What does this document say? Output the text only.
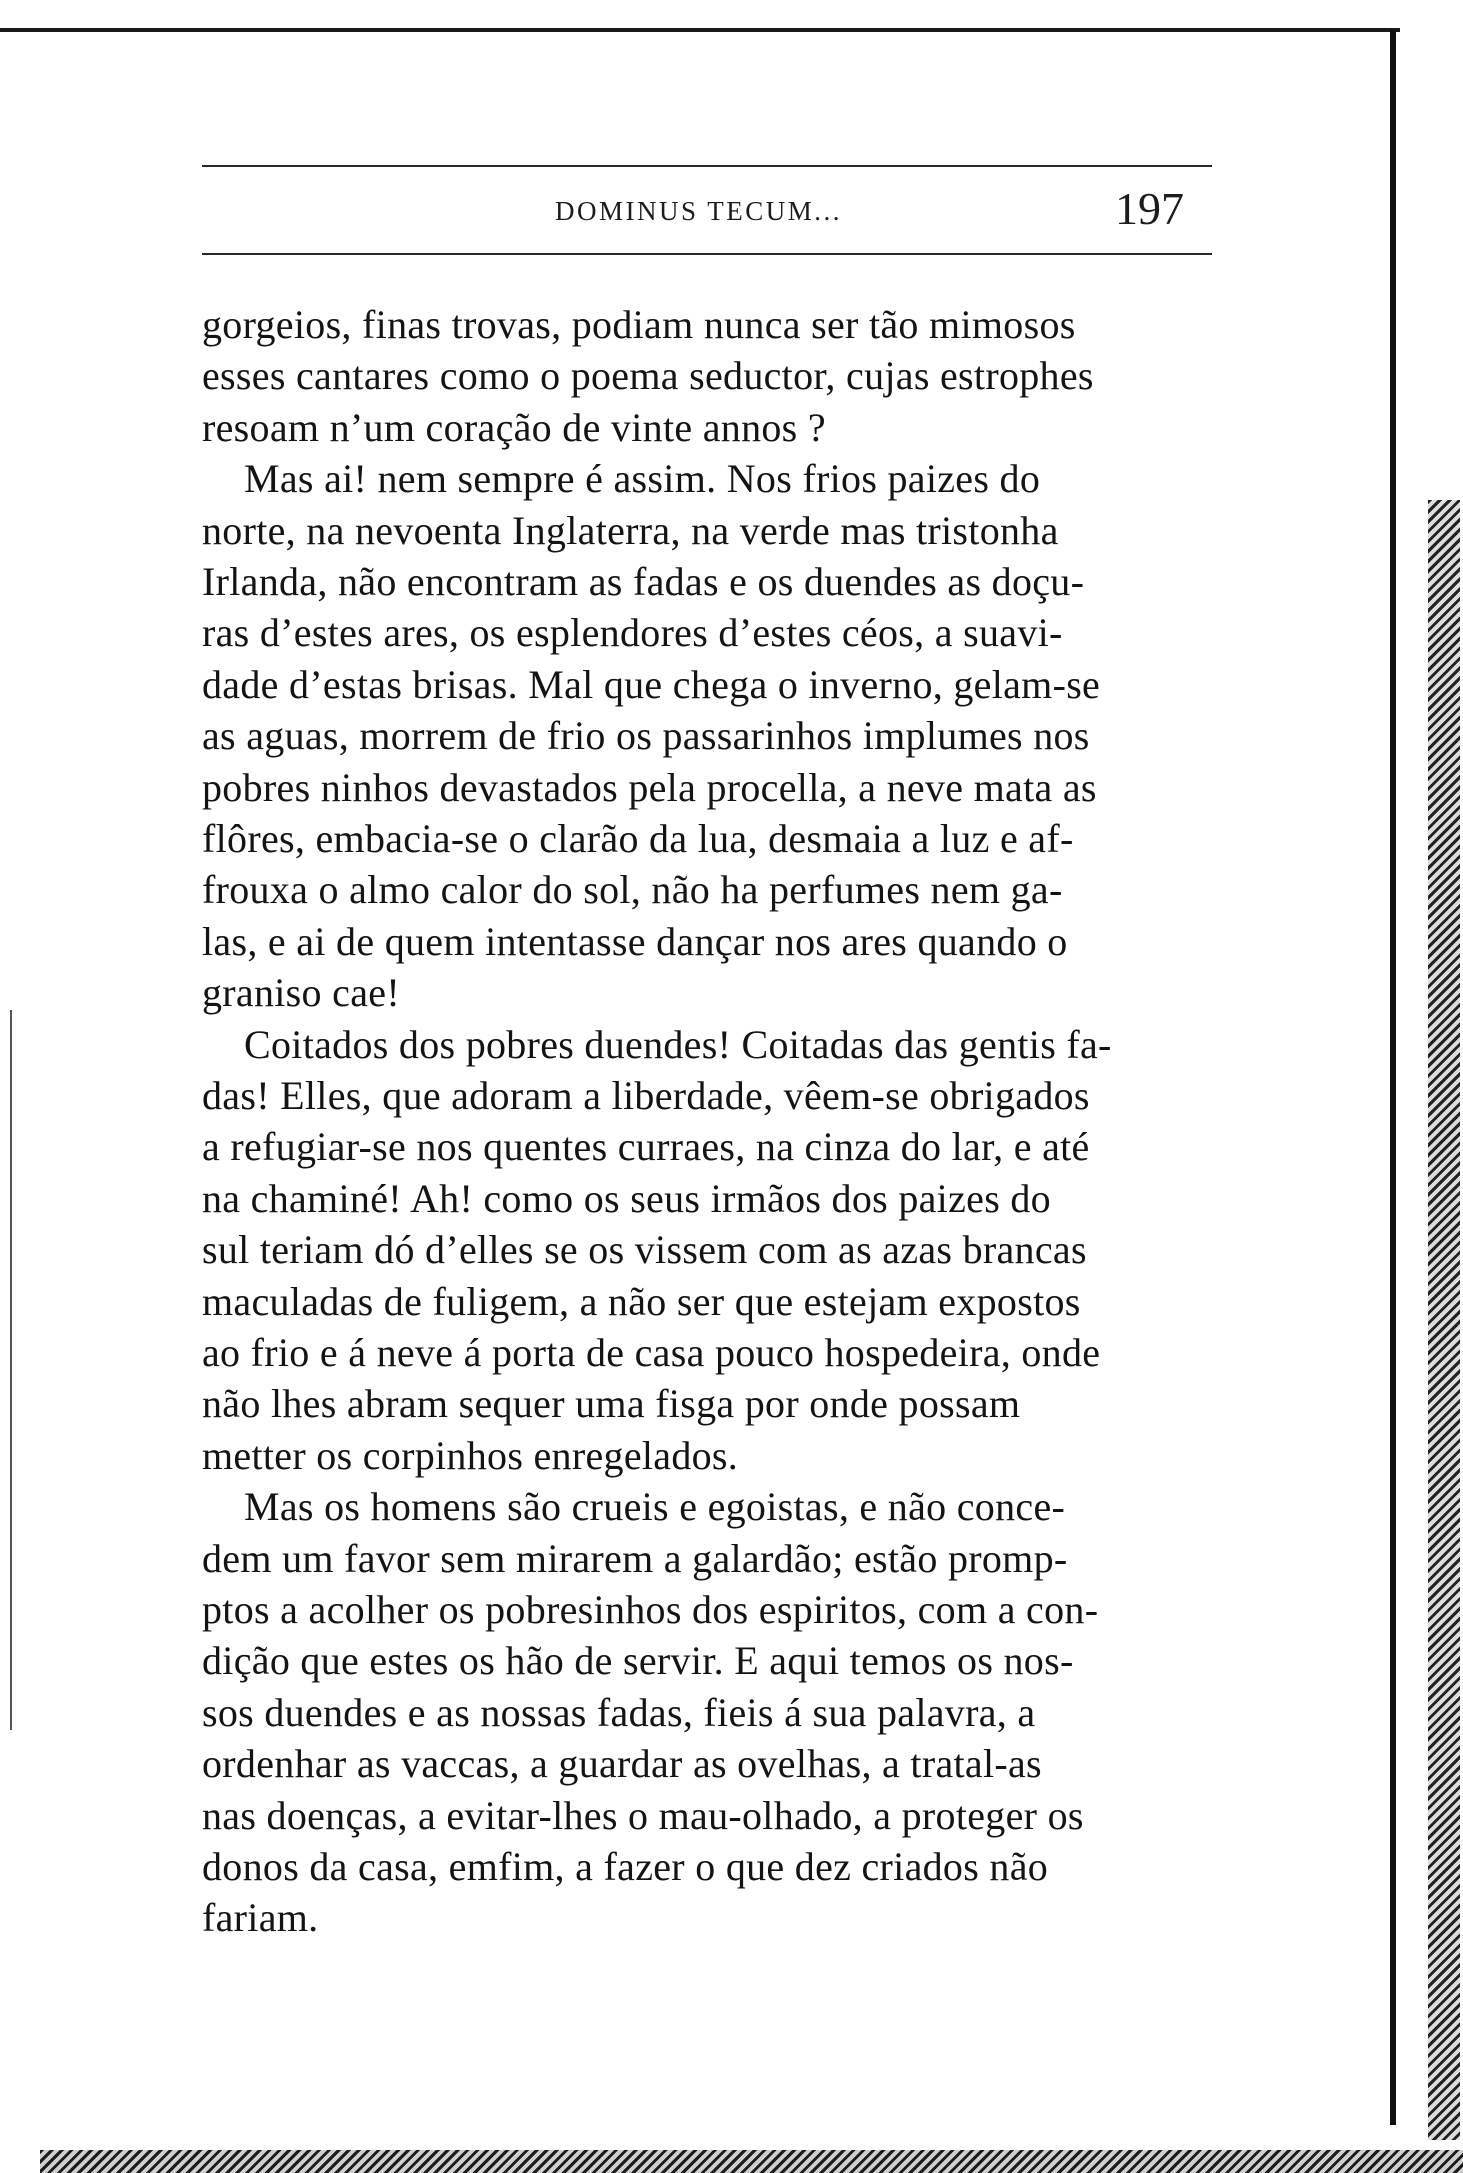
DOMINUS TECUM...	197
gorgeios, finas trovas, podiam nunca ser tão mimosos
esses cantares como o poema seductor, cujas estrophes
resoam n’um coração de vinte annos ?
Mas ai! nem sempre é assim. Nos frios paizes do
norte, na nevoenta Inglaterra, na verde mas tristonha
Irlanda, não encontram as fadas e os duendes as doçu-
ras d’estes ares, os esplendores d’estes céos, a suavi-
dade d’estas brisas. Mal que chega o inverno, gelam-se
as aguas, morrem de frio os passarinhos implumes nos
pobres ninhos devastados pela procella, a neve mata as
flôres, embacia-se o clarão da lua, desmaia a luz e af-
frouxa o almo calor do sol, não ha perfumes nem ga-
las, e ai de quem intentasse dançar nos ares quando o
graniso cae!
Coitados dos pobres duendes! Coitadas das gentis fa-
das! Elles, que adoram a liberdade, vêem-se obrigados
a refugiar-se nos quentes curraes, na cinza do lar, e até
na chaminé! Ah! como os seus irmãos dos paizes do
sul teriam dó d’elles se os vissem com as azas brancas
maculadas de fuligem, a não ser que estejam expostos
ao frio e á neve á porta de casa pouco hospedeira, onde
não lhes abram sequer uma fisga por onde possam
metter os corpinhos enregelados.
Mas os homens são crueis e egoistas, e não conce-
dem um favor sem mirarem a galardão; estão promp-
ptos a acolher os pobresinhos dos espiritos, com a con-
dição que estes os hão de servir. E aqui temos os nos-
sos duendes e as nossas fadas, fieis á sua palavra, a
ordenhar as vaccas, a guardar as ovelhas, a tratal-as
nas doenças, a evitar-lhes o mau-olhado, a proteger os
donos da casa, emfim, a fazer o que dez criados não
fariam.
